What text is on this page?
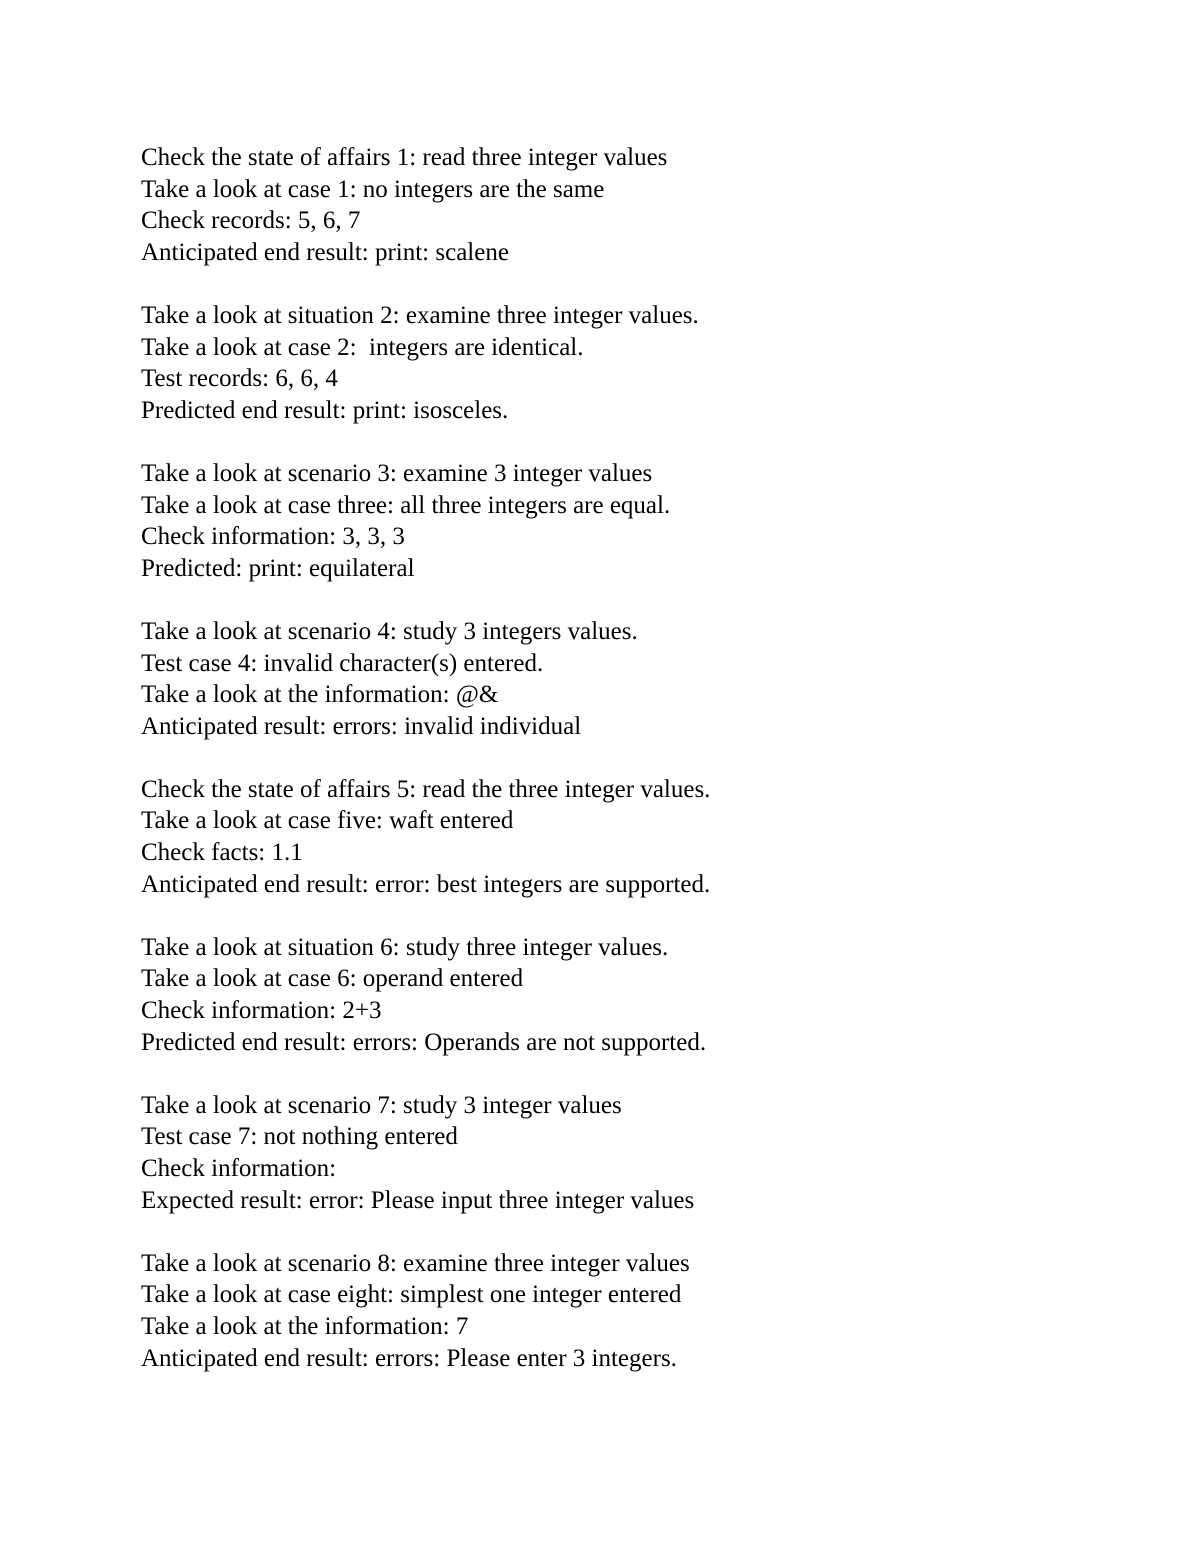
Check the state of affairs 1: read three integer values
Take a look at case 1: no integers are the same
Check records: 5, 6, 7
Anticipated end result: print: scalene
Take a look at situation 2: examine three integer values.
Take a look at case 2:  integers are identical.
Test records: 6, 6, 4
Predicted end result: print: isosceles.
Take a look at scenario 3: examine 3 integer values
Take a look at case three: all three integers are equal.
Check information: 3, 3, 3
Predicted: print: equilateral
Take a look at scenario 4: study 3 integers values.
Test case 4: invalid character(s) entered.
Take a look at the information: @&
Anticipated result: errors: invalid individual
Check the state of affairs 5: read the three integer values.
Take a look at case five: waft entered
Check facts: 1.1
Anticipated end result: error: best integers are supported.
Take a look at situation 6: study three integer values.
Take a look at case 6: operand entered
Check information: 2+3
Predicted end result: errors: Operands are not supported.
Take a look at scenario 7: study 3 integer values
Test case 7: not nothing entered
Check information:
Expected result: error: Please input three integer values
Take a look at scenario 8: examine three integer values
Take a look at case eight: simplest one integer entered
Take a look at the information: 7
Anticipated end result: errors: Please enter 3 integers.
